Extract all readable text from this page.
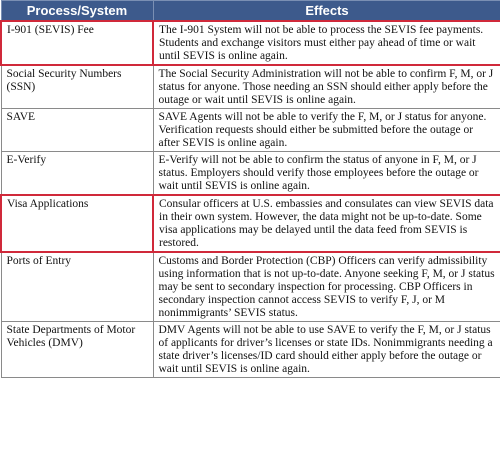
Process/System	Effects
I-901 (SEVIS) Fee	The I-901 System will not be able to process the SEVIS fee payments. Students and exchange visitors must either pay ahead of time or wait until SEVIS is online again.
Social Security Numbers (SSN)	The Social Security Administration will not be able to confirm F, M, or J status for anyone. Those needing an SSN should either apply before the outage or wait until SEVIS is online again.
SAVE	SAVE Agents will not be able to verify the F, M, or J status for anyone. Verification requests should either be submitted before the outage or after SEVIS is online again.
E-Verify	E-Verify will not be able to confirm the status of anyone in F, M, or J status. Employers should verify those employees before the outage or wait until SEVIS is online again.
Visa Applications	Consular officers at U.S. embassies and consulates can view SEVIS data in their own system. However, the data might not be up-to-date. Some visa applications may be delayed until the data feed from SEVIS is restored.
Ports of Entry	Customs and Border Protection (CBP) Officers can verify admissibility using information that is not up-to-date. Anyone seeking F, M, or J status may be sent to secondary inspection for processing. CBP Officers in secondary inspection cannot access SEVIS to verify F, J, or M nonimmigrants’ SEVIS status.
State Departments of Motor Vehicles (DMV)	DMV Agents will not be able to use SAVE to verify the F, M, or J status of applicants for driver’s licenses or state IDs. Nonimmigrants needing a state driver’s licenses/ID card should either apply before the outage or wait until SEVIS is online again.
